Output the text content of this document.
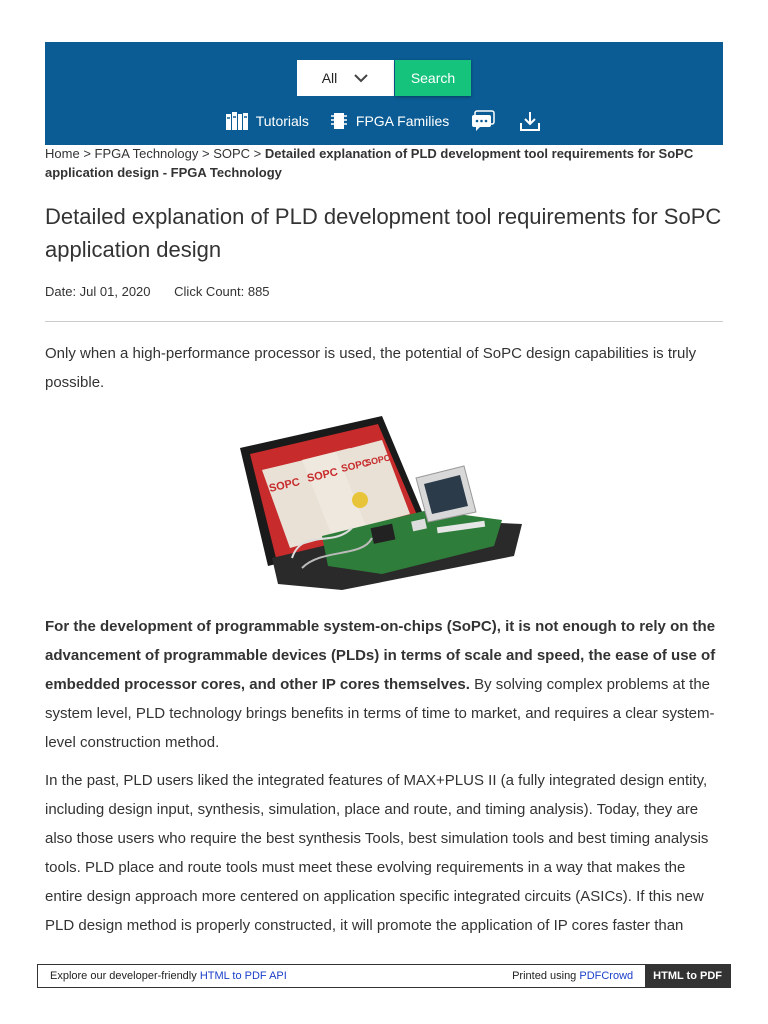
All	Search
Tutorials	FPGA Families
Home > FPGA Technology > SOPC > Detailed explanation of PLD development tool requirements for SoPC application design - FPGA Technology
Detailed explanation of PLD development tool requirements for SoPC application design
Date: Jul 01, 2020 Click Count: 885

Only when a high-performance processor is used, the potential of SoPC design capabilities is truly possible.

SOPC
SOPC SOPC
SOPC

For the development of programmable system-on-chips (SoPC), it is not enough to rely on the advancement of programmable devices (PLDs) in terms of scale and speed, the ease of use of embedded processor cores, and other IP cores themselves. By solving complex problems at the system level, PLD technology brings benefits in terms of time to market, and requires a clear system-level construction method.

In the past, PLD users liked the integrated features of MAX+PLUS II (a fully integrated design entity, including design input, synthesis, simulation, place and route, and timing analysis). Today, they are also those users who require the best synthesis Tools, best simulation tools and best timing analysis tools. PLD place and route tools must meet these evolving requirements in a way that makes the entire design approach more centered on application specific integrated circuits (ASICs). If this new PLD design method is properly constructed, it will promote the application of IP cores faster than

Explore our developer-friendly HTML to PDF API	Printed using PDFCrowd	HTML to PDF
